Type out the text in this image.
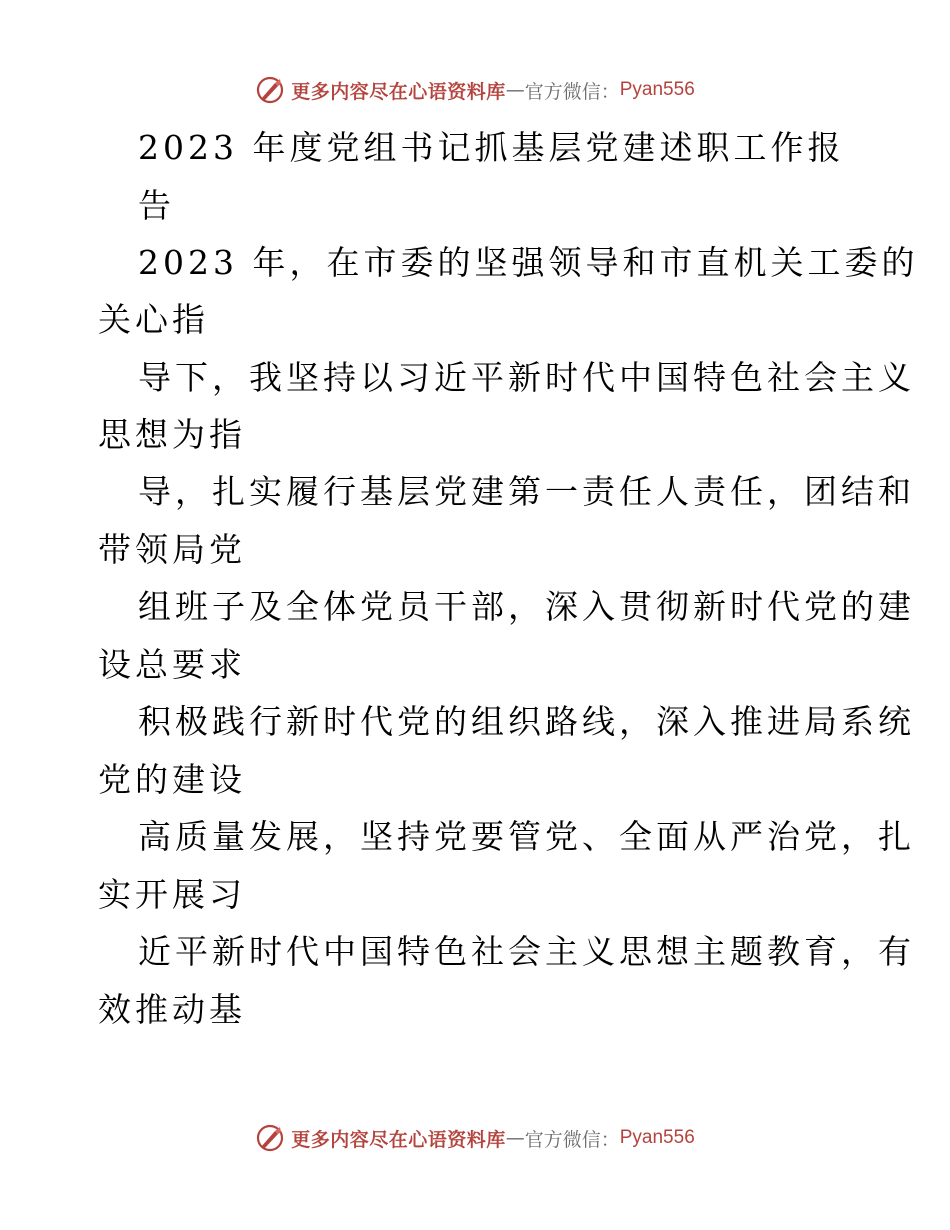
更多内容尽在心语资料库 — 官方微信： Pyan556
2023 年度党组书记抓基层党建述职工作报
告
2023 年，在市委的坚强领导和市直机关工委的
关心指
导下，我坚持以习近平新时代中国特色社会主义
思想为指
导，扎实履行基层党建第一责任人责任，团结和
带领局党
组班子及全体党员干部，深入贯彻新时代党的建
设总要求
积极践行新时代党的组织路线，深入推进局系统
党的建设
高质量发展，坚持党要管党、全面从严治党，扎
实开展习
近平新时代中国特色社会主义思想主题教育，有
效推动基
更多内容尽在心语资料库 — 官方微信： Pyan556
